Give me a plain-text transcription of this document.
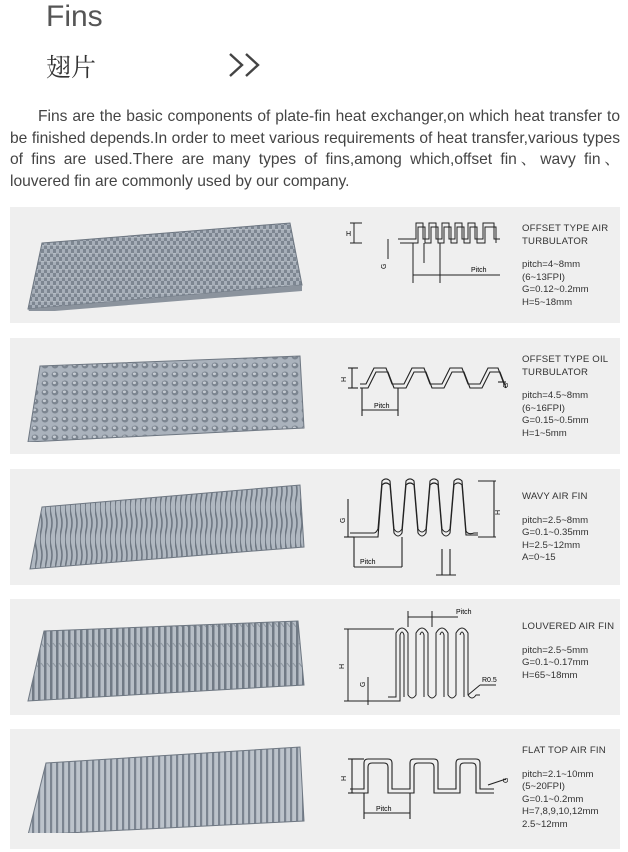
Fins
翅片
Fins are the basic components of plate-fin heat exchanger,on which heat transfer to be finished depends.In order to meet various requirements of heat transfer,various types of fins are used.There are many types of fins,among which,offset fin、wavy fin、louvered fin are commonly used by our company.
H
G
Pitch
OFFSET TYPE AIR
TURBULATOR
pitch=4~8mm
(6~13FPI)
G=0.12~0.2mm
H=5~18mm
H
G
Pitch
OFFSET TYPE OIL
TURBULATOR
pitch=4.5~8mm
(6~16FPI)
G=0.15~0.5mm
H=1~5mm
G
H
Pitch
WAVY AIR FIN
pitch=2.5~8mm
G=0.1~0.35mm
H=2.5~12mm
A=0~15
Pitch
H
G
R0.5
LOUVERED AIR FIN
pitch=2.5~5mm
G=0.1~0.17mm
H=65~18mm
H	G
Pitch
FLAT TOP AIR FIN
pitch=2.1~10mm
(5~20FPI)
G=0.1~0.2mm
H=7,8,9,10,12mm
2.5~12mm
